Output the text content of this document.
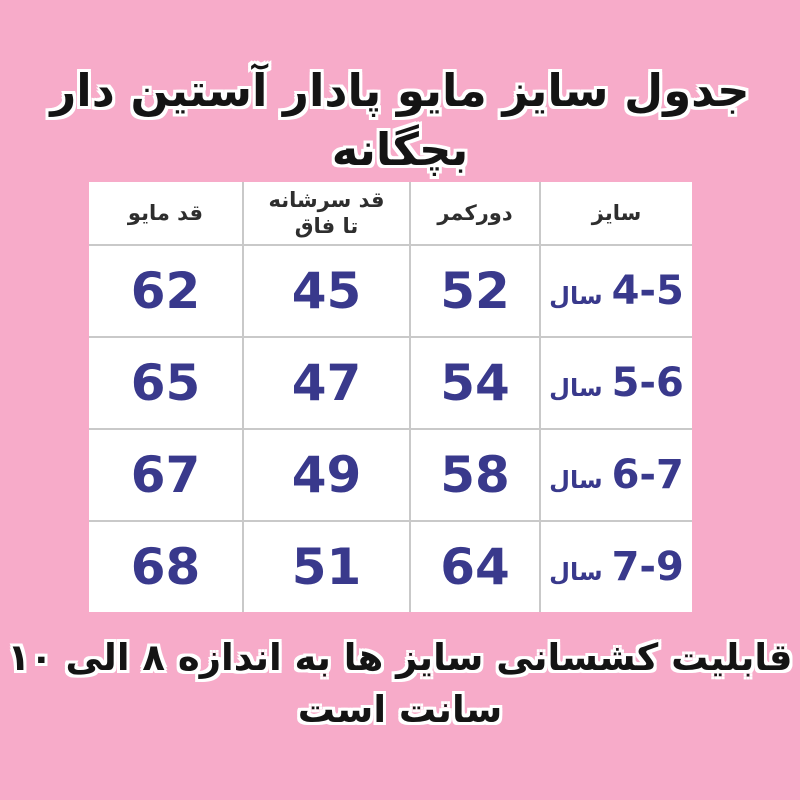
جدول سایز مایو پادار آستین دار بچگانه
سایز	دورکمر	قد سرشانه تا فاق	قد مایو
4-5سال	52	45	62
5-6سال	54	47	65
6-7سال	58	49	67
7-9سال	64	51	68
قابلیت کشسانی سایز ها به اندازه ۸ الی ۱۰ سانت است
